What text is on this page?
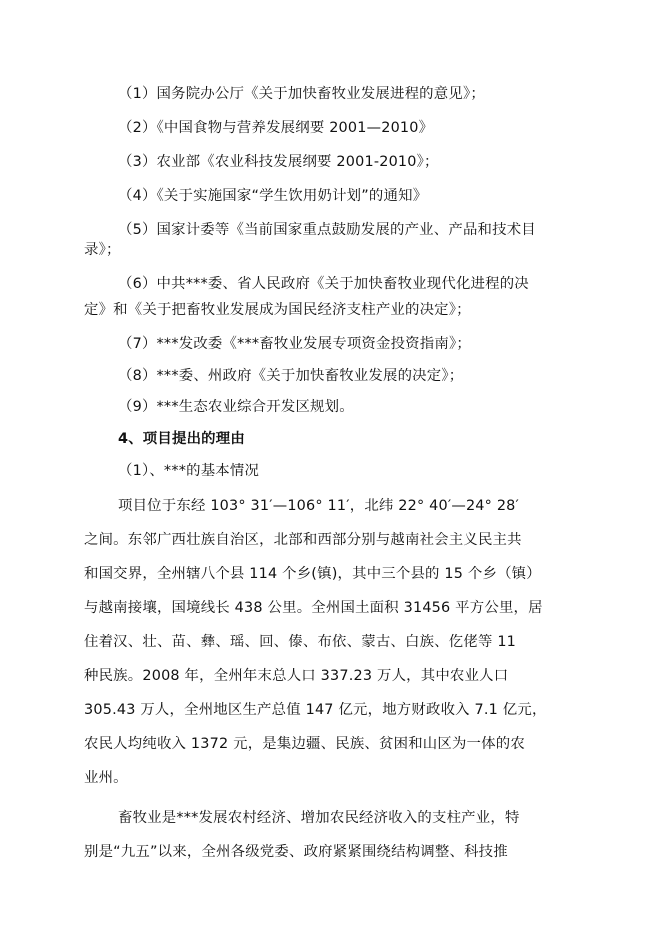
（1）国务院办公厅《关于加快畜牧业发展进程的意见》；
（2）《中国食物与营养发展纲要 2001—2010》
（3）农业部《农业科技发展纲要 2001-2010》；
（4）《关于实施国家“学生饮用奶计划”的通知》
（5）国家计委等《当前国家重点鼓励发展的产业、产品和技术目
录》；
（6）中共***委、省人民政府《关于加快畜牧业现代化进程的决
定》和《关于把畜牧业发展成为国民经济支柱产业的决定》；
（7）***发改委《***畜牧业发展专项资金投资指南》；
（8）***委、州政府《关于加快畜牧业发展的决定》；
（9）***生态农业综合开发区规划。
4、项目提出的理由
（1）、***的基本情况
项目位于东经 103° 31′—106° 11′，北纬 22° 40′—24° 28′
之间。东邻广西壮族自治区，北部和西部分别与越南社会主义民主共
和国交界，全州辖八个县 114 个乡(镇)，其中三个县的 15 个乡（镇）
与越南接壤，国境线长 438 公里。全州国土面积 31456 平方公里，居
住着汉、壮、苗、彝、瑶、回、傣、布依、蒙古、白族、仡佬等 11
种民族。2008 年，全州年末总人口 337.23 万人，其中农业人口
305.43 万人，全州地区生产总值 147 亿元，地方财政收入 7.1 亿元，
农民人均纯收入 1372 元，是集边疆、民族、贫困和山区为一体的农
业州。
畜牧业是***发展农村经济、增加农民经济收入的支柱产业，特
别是“九五”以来，全州各级党委、政府紧紧围绕结构调整、科技推
